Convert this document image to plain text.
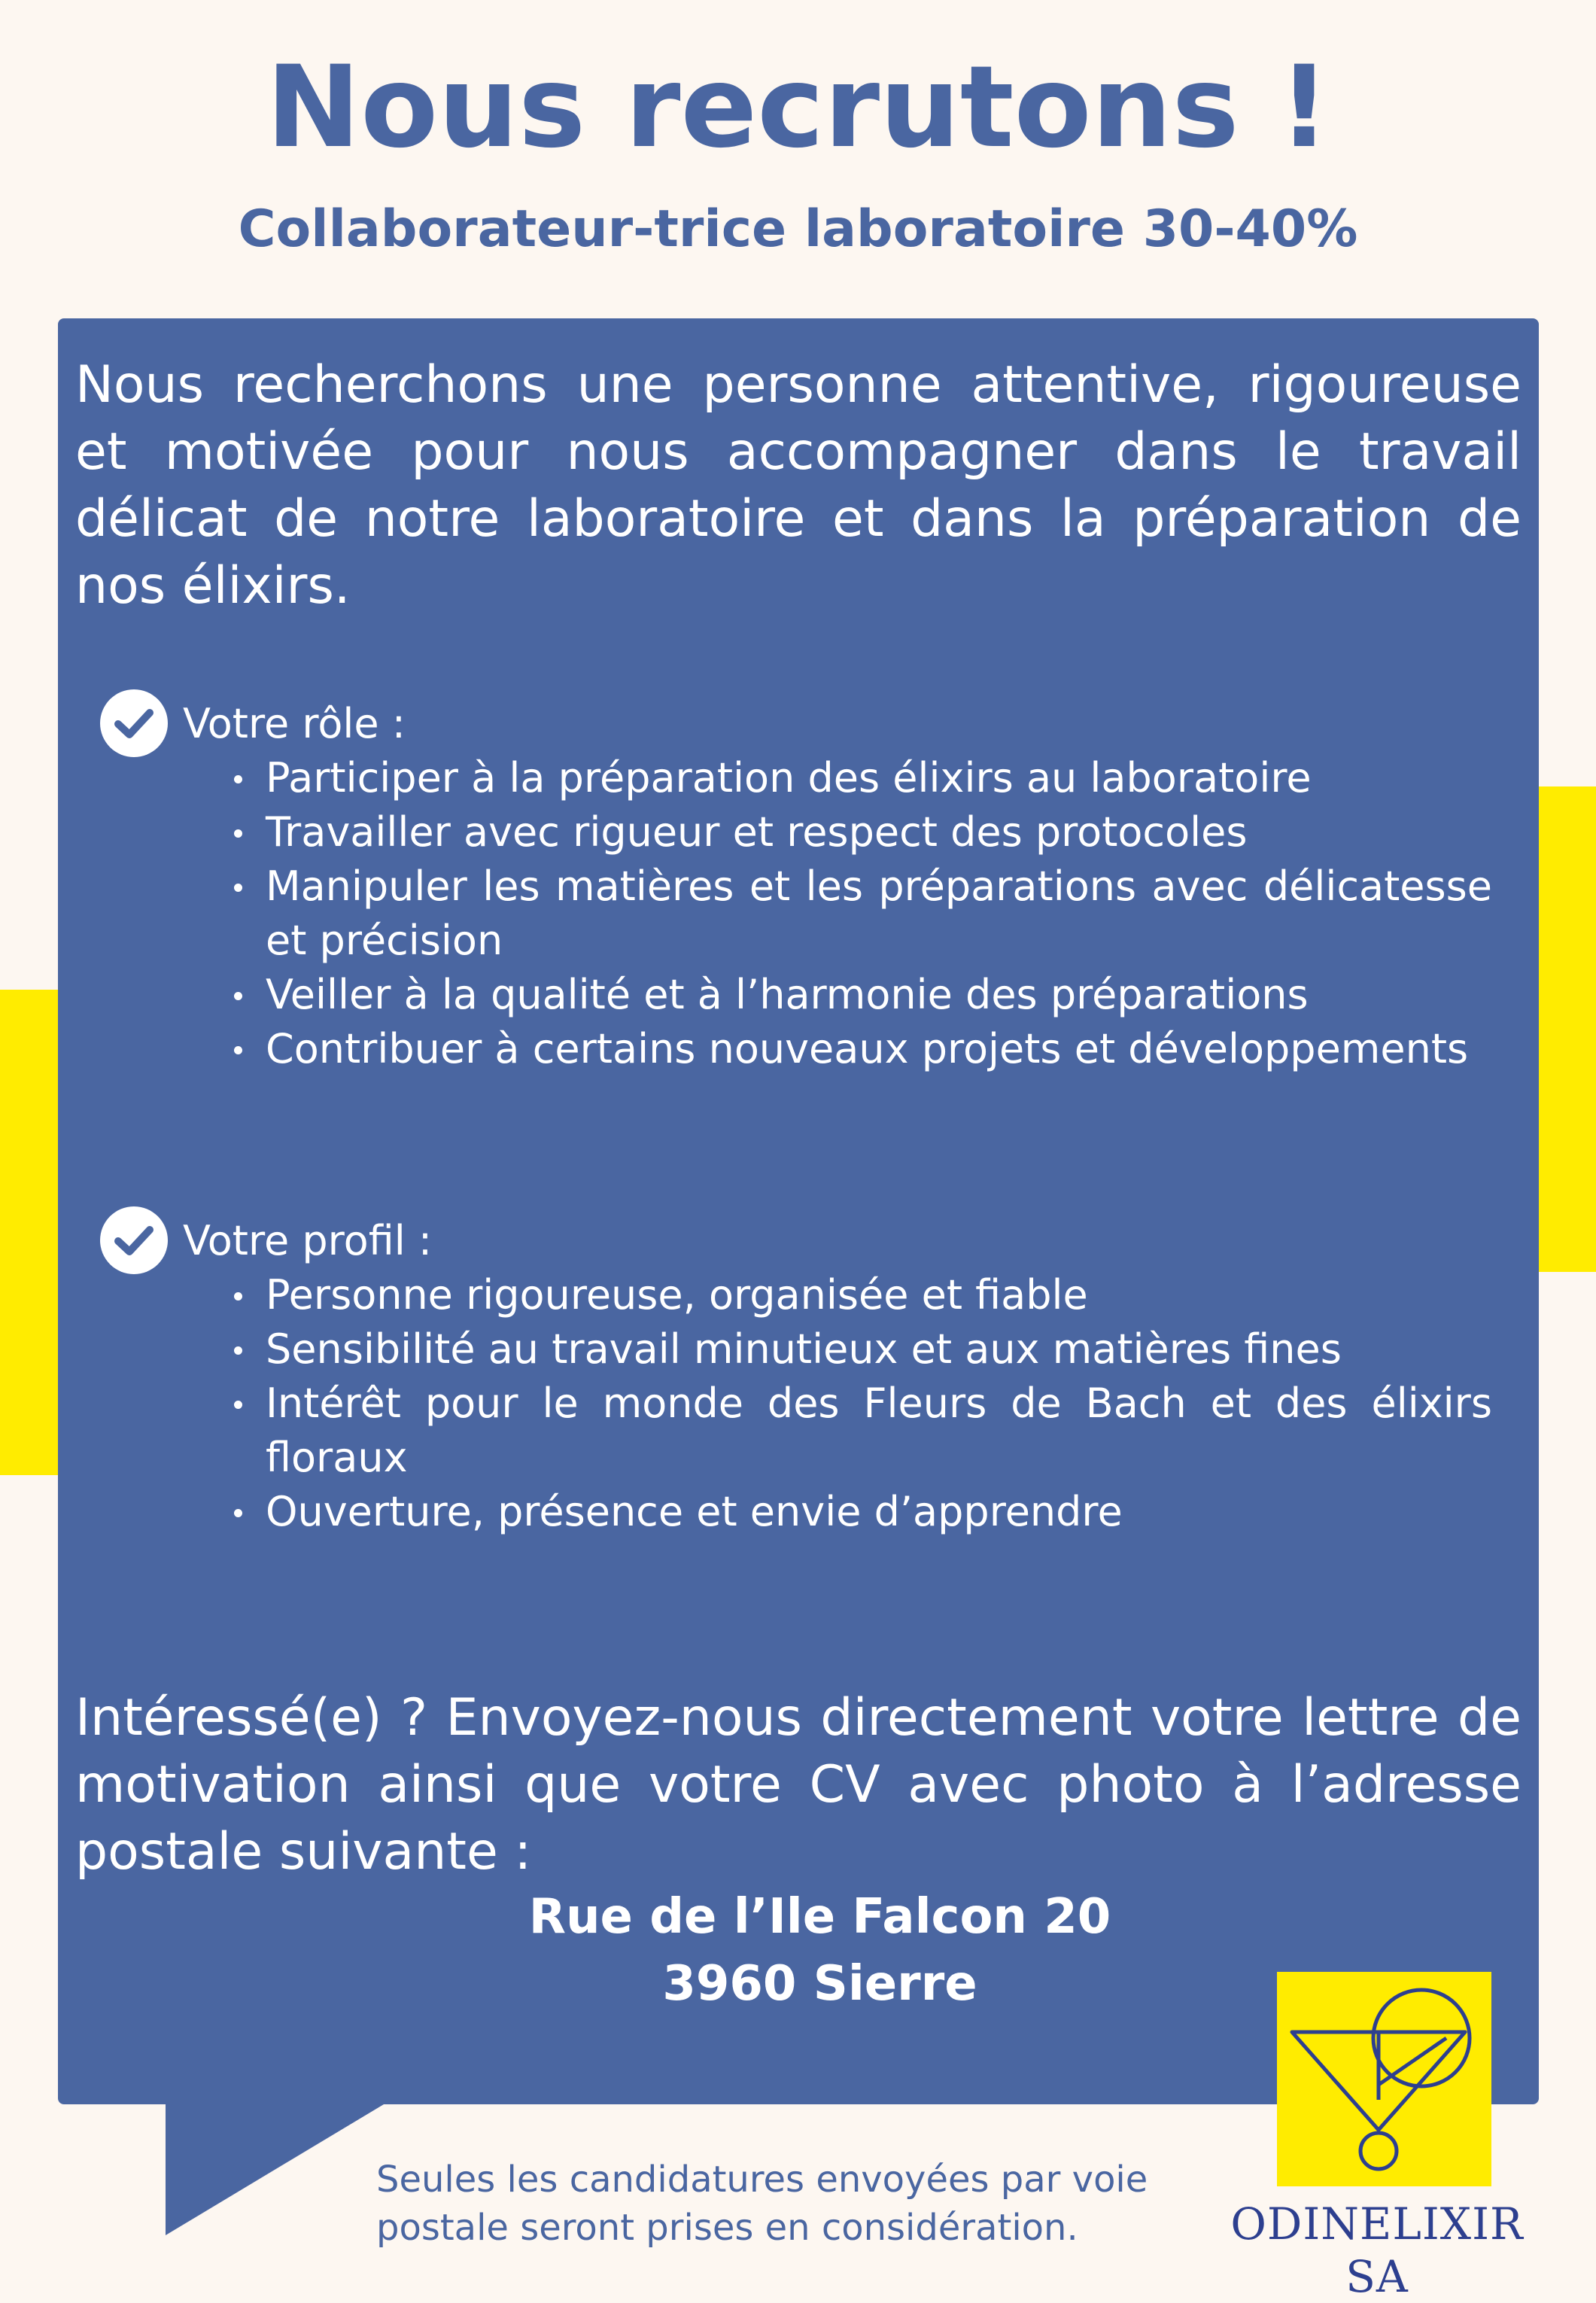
Nous recrutons !
Collaborateur-trice laboratoire 30-40%

Nous recherchons une personne attentive, rigoureuse et motivée pour nous accompagner dans le travail délicat de notre laboratoire et dans la préparation de nos élixirs.

Votre rôle :
Participer à la préparation des élixirs au laboratoire
Travailler avec rigueur et respect des protocoles
Manipuler les matières et les préparations avec délicatesse et précision
Veiller à la qualité et à l’harmonie des préparations
Contribuer à certains nouveaux projets et développements
Votre profil :
Personne rigoureuse, organisée et fiable
Sensibilité au travail minutieux et aux matières fines
Intérêt pour le monde des Fleurs de Bach et des élixirs floraux
Ouverture, présence et envie d’apprendre

Intéressé(e) ? Envoyez-nous directement votre lettre de motivation ainsi que votre CV avec photo à l’adresse postale suivante :

Rue de l’Ile Falcon 20

3960 Sierre

Seules les candidatures envoyées par voie postale seront prises en considération.	ODINELIXIR SA
